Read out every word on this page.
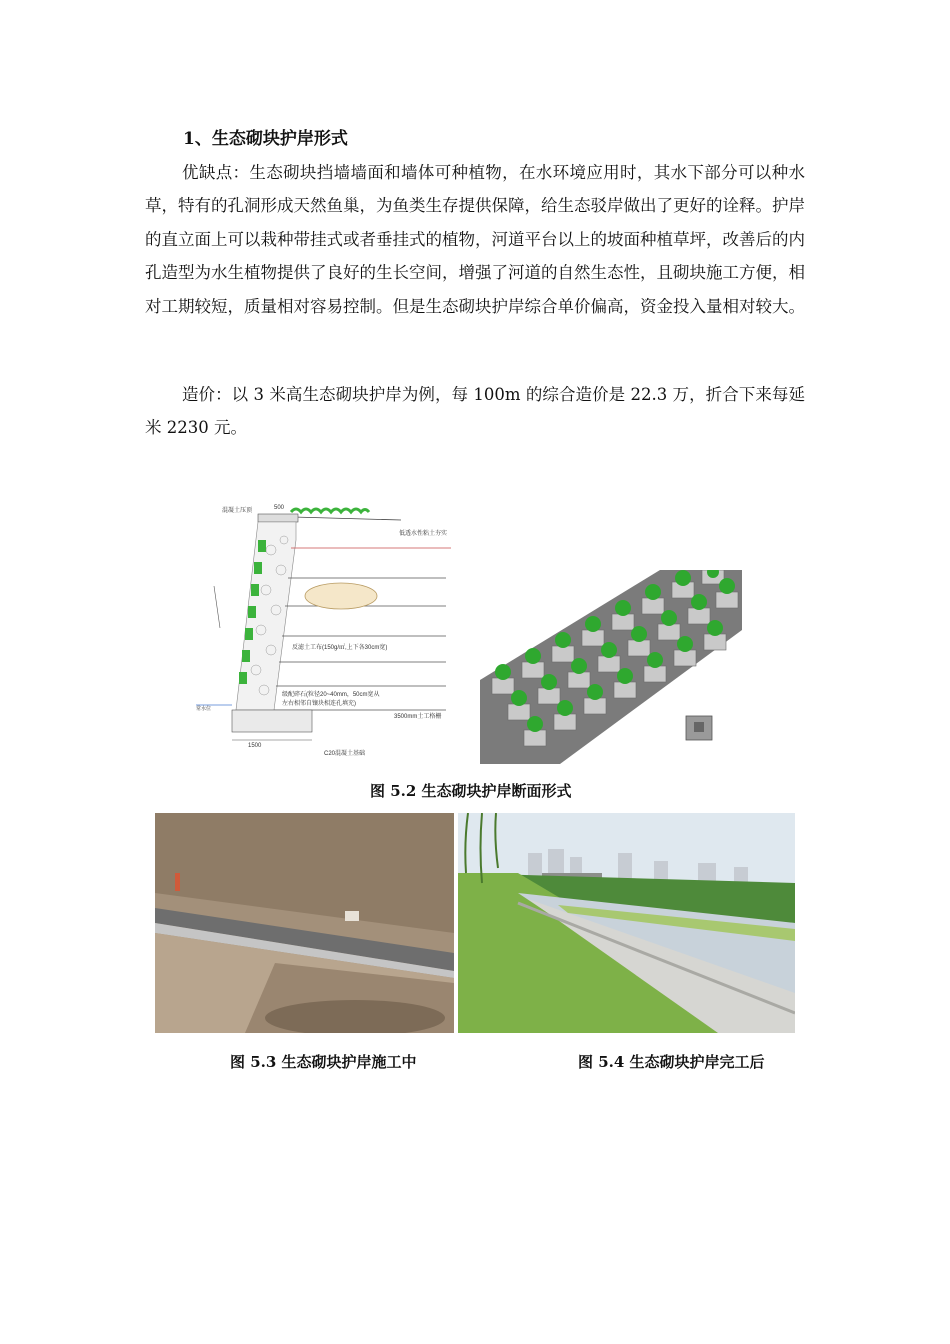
1、生态砌块护岸形式

优缺点：生态砌块挡墙墙面和墙体可种植物，在水环境应用时，其水下部分可以种水草，特有的孔洞形成天然鱼巢，为鱼类生存提供保障，给生态驳岸做出了更好的诠释。护岸的直立面上可以栽种带挂式或者垂挂式的植物，河道平台以上的坡面种植草坪，改善后的内孔造型为水生植物提供了良好的生长空间，增强了河道的自然生态性，且砌块施工方便，相对工期较短，质量相对容易控制。但是生态砌块护岸综合单价偏高，资金投入量相对较大。

造价：以 3 米高生态砌块护岸为例，每 100m 的综合造价是 22.3 万，折合下来每延米 2230 元。

混凝土压顶	500
低透水性粘土夯实
反滤土工布(150g/㎡,上下各30cm宽)
级配碎石(粒径20~40mm，50cm宽从
左右相邻自镶块相连孔填充)
3500mm土工格栅
1500
C20混凝土基础
常水位

图 5.2 生态砌块护岸断面形式

图 5.3 生态砌块护岸施工中	图 5.4 生态砌块护岸完工后
